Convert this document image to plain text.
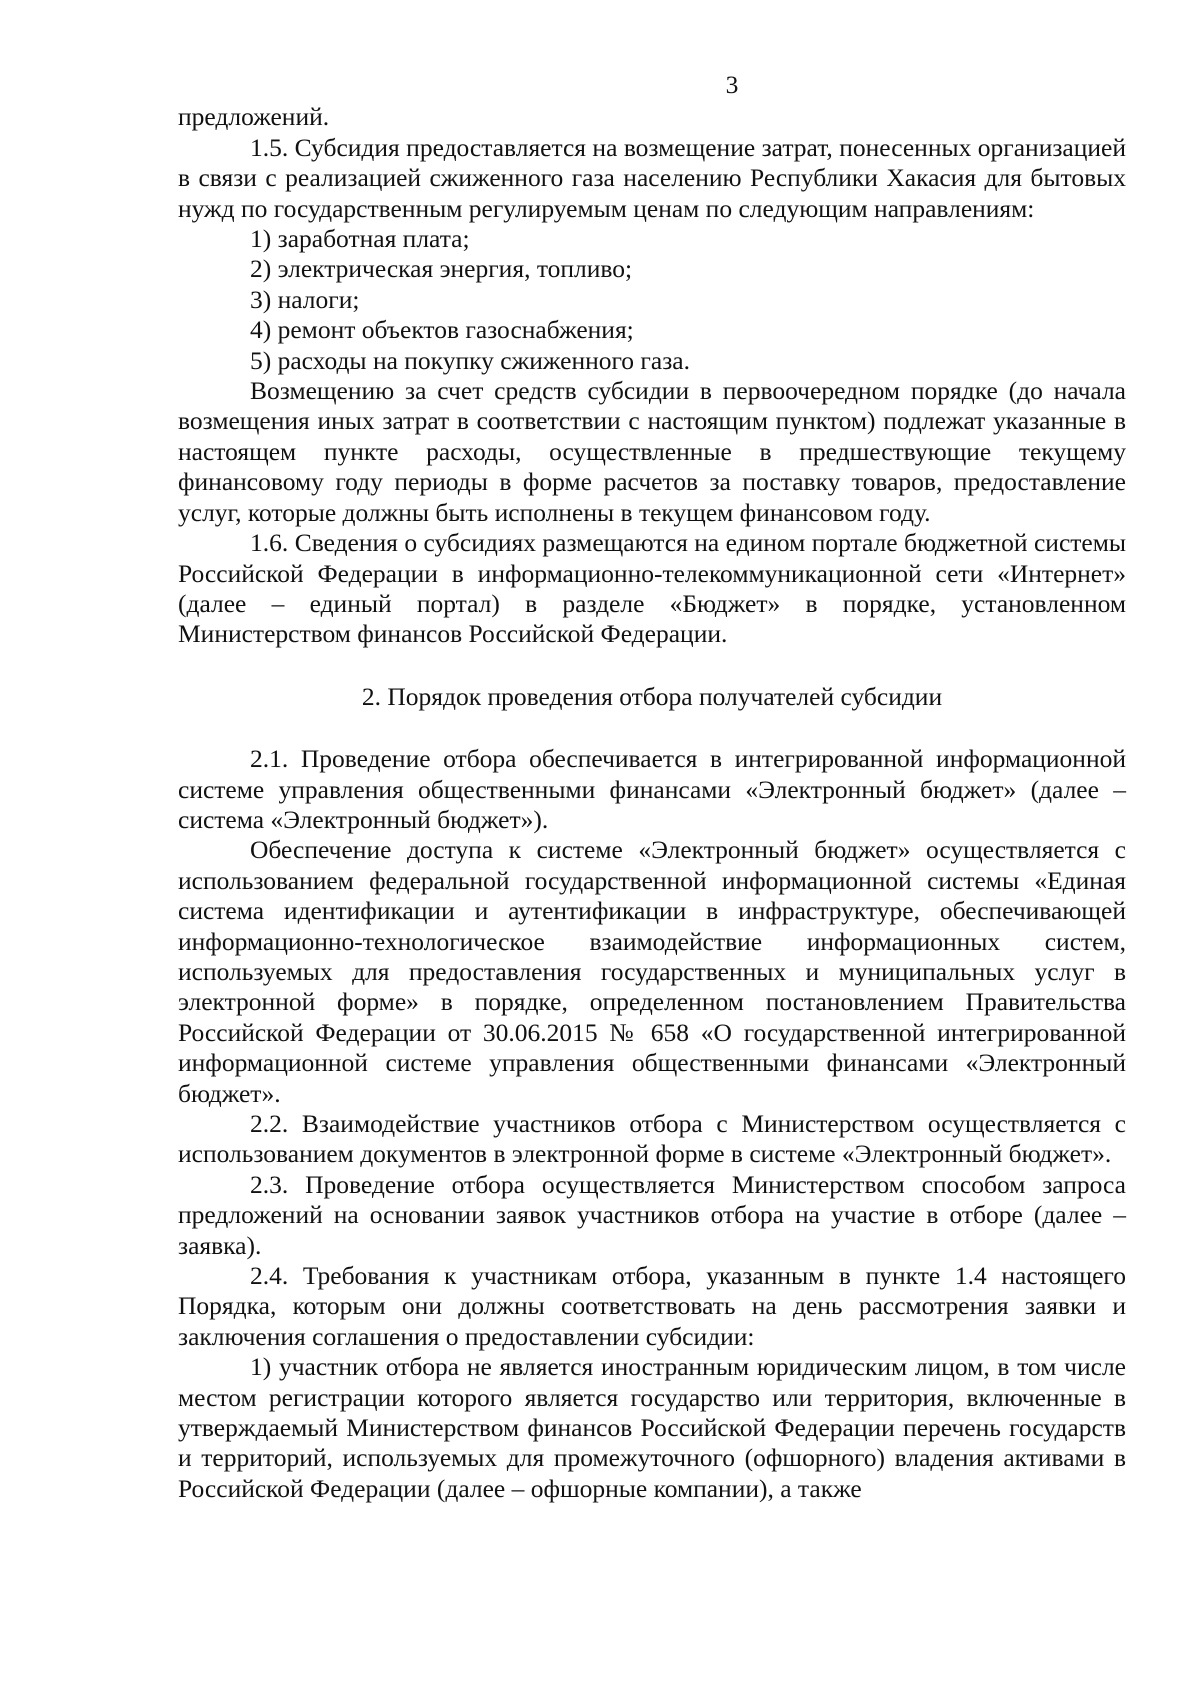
3

предложений.

1.5. Субсидия предоставляется на возмещение затрат, понесенных организацией в связи с реализацией сжиженного газа населению Республики Хакасия для бытовых нужд по государственным регулируемым ценам по следующим направлениям:

1) заработная плата;

2) электрическая энергия, топливо;

3) налоги;

4) ремонт объектов газоснабжения;

5) расходы на покупку сжиженного газа.

Возмещению за счет средств субсидии в первоочередном порядке (до начала возмещения иных затрат в соответствии с настоящим пунктом) подлежат указанные в настоящем пункте расходы, осуществленные в предшествующие текущему финансовому году периоды в форме расчетов за поставку товаров, предоставление услуг, которые должны быть исполнены в текущем финансовом году.

1.6. Сведения о субсидиях размещаются на едином портале бюджетной системы Российской Федерации в информационно-телекоммуникационной сети «Интернет» (далее – единый портал) в разделе «Бюджет» в порядке, установленном Министерством финансов Российской Федерации.

2. Порядок проведения отбора получателей субсидии

2.1. Проведение отбора обеспечивается в интегрированной информационной системе управления общественными финансами «Электронный бюджет» (далее – система «Электронный бюджет»).

Обеспечение доступа к системе «Электронный бюджет» осуществляется с использованием федеральной государственной информационной системы «Единая система идентификации и аутентификации в инфраструктуре, обеспечивающей информационно-технологическое взаимодействие информационных систем, используемых для предоставления государственных и муниципальных услуг в электронной форме» в порядке, определенном постановлением Правительства Российской Федерации от 30.06.2015 № 658 «О государственной интегрированной информационной системе управления общественными финансами «Электронный бюджет».

2.2. Взаимодействие участников отбора с Министерством осуществляется с использованием документов в электронной форме в системе «Электронный бюджет».

2.3. Проведение отбора осуществляется Министерством способом запроса предложений на основании заявок участников отбора на участие в отборе (далее – заявка).

2.4. Требования к участникам отбора, указанным в пункте 1.4 настоящего Порядка, которым они должны соответствовать на день рассмотрения заявки и заключения соглашения о предоставлении субсидии:

1) участник отбора не является иностранным юридическим лицом, в том числе местом регистрации которого является государство или территория, включенные в утверждаемый Министерством финансов Российской Федерации перечень государств и территорий, используемых для промежуточного (офшорного) владения активами в Российской Федерации (далее – офшорные компании), а также
